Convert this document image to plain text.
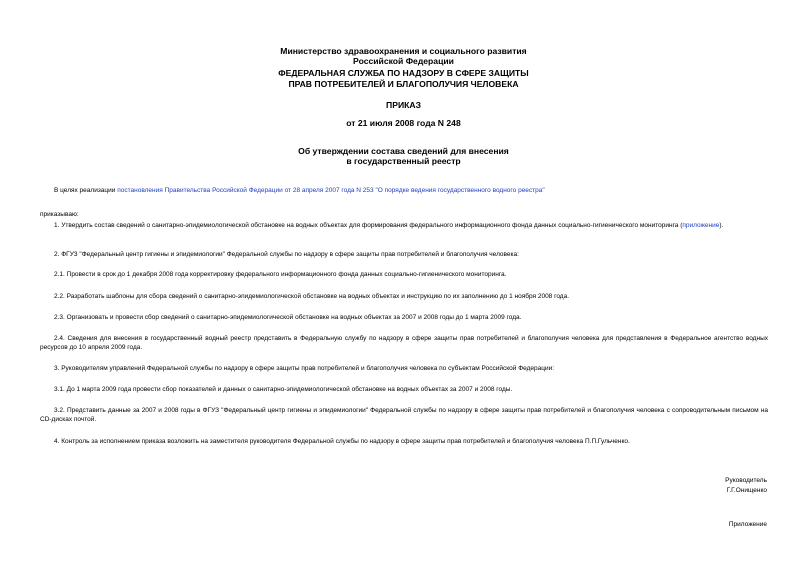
Министерство здравоохранения и социального развития
Российской Федерации
ФЕДЕРАЛЬНАЯ СЛУЖБА ПО НАДЗОРУ В СФЕРЕ ЗАЩИТЫ
ПРАВ ПОТРЕБИТЕЛЕЙ И БЛАГОПОЛУЧИЯ ЧЕЛОВЕКА
ПРИКАЗ
от 21 июля 2008 года N 248
Об утверждении состава сведений для внесения
в государственный реестр
В целях реализации постановления Правительства Российской Федерации от 28 апреля 2007 года N 253 "О порядке ведения государственного водного реестра"
приказываю:
1. Утвердить состав сведений о санитарно-эпидемиологической обстановке на водных объектах для формирования федерального информационного фонда данных социально-гигиенического мониторинга (приложение).
2. ФГУЗ "Федеральный центр гигиены и эпидемиологии" Федеральной службы по надзору в сфере защиты прав потребителей и благополучия человека:
2.1. Провести в срок до 1 декабря 2008 года корректировку федерального информационного фонда данных социально-гигиенического мониторинга.
2.2. Разработать шаблоны для сбора сведений о санитарно-эпидемиологической обстановке на водных объектах и инструкцию по их заполнению до 1 ноября 2008 года.
2.3. Организовать и провести сбор сведений о санитарно-эпидемиологической обстановке на водных объектах за 2007 и 2008 годы до 1 марта 2009 года.
2.4. Сведения для внесения в государственный водный реестр представить в Федеральную службу по надзору в сфере защиты прав потребителей и благополучия человека для представления в Федеральное агентство водных ресурсов до 10 апреля 2009 года.
3. Руководителям управлений Федеральной службы по надзору в сфере защиты прав потребителей и благополучия человека по субъектам Российской Федерации:
3.1. До 1 марта 2009 года провести сбор показателей и данных о санитарно-эпидемиологической обстановке на водных объектах за 2007 и 2008 годы.
3.2. Представить данные за 2007 и 2008 годы в ФГУЗ "Федеральный центр гигиены и эпидемиологии" Федеральной службы по надзору в сфере защиты прав потребителей и благополучия человека с сопроводительным письмом на CD-дисках почтой.
4. Контроль за исполнением приказа возложить на заместителя руководителя Федеральной службы по надзору в сфере защиты прав потребителей и благополучия человека П.П.Гульченко.
Руководитель
Г.Г.Онищенко
Приложение
